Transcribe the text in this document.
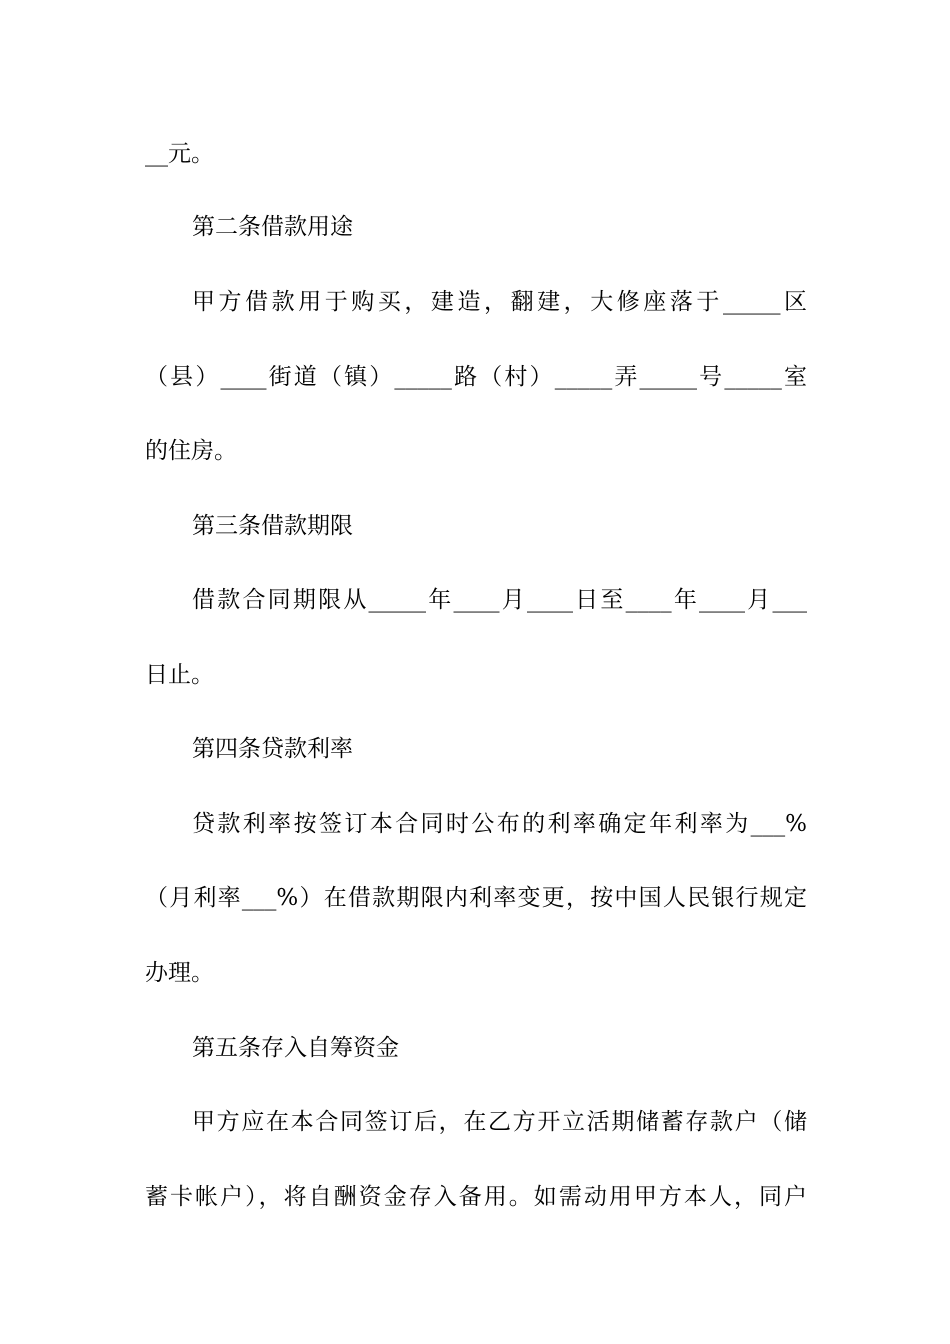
__元。
第二条借款用途
甲方借款用于购买，建造，翻建，大修座落于_____区
（县）____街道（镇）_____路（村）_____弄_____号_____室
的住房。
第三条借款期限
借款合同期限从_____年____月____日至____年____月___
日止。
第四条贷款利率
贷款利率按签订本合同时公布的利率确定年利率为___%
（月利率___%）在借款期限内利率变更，按中国人民银行规定
办理。
第五条存入自筹资金
甲方应在本合同签订后，在乙方开立活期储蓄存款户（储
蓄卡帐户），将自酬资金存入备用。如需动用甲方本人，同户
